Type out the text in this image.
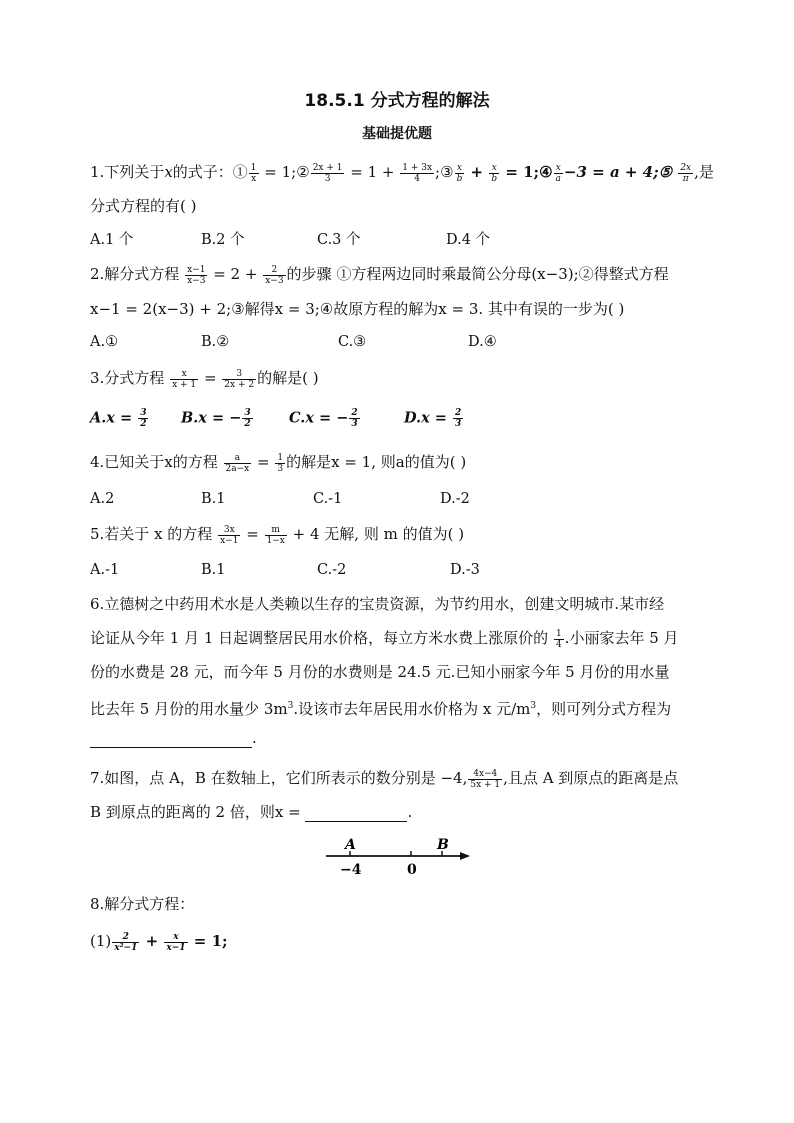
18.5.1 分式方程的解法
基础提优题
1.下列关于x的式子：① $\frac{1}{x}$ = 1;② $\frac{2x + 1}{3} = 1 + \frac{1 + 3x}{4}$ ;③ $\frac{x}{b} + \frac{x}{b}$ = 1;④ $\frac{x}{a} -3 = a$ + 4;⑤ $\frac{2x}{\pi}$ ,是
分式方程的有( )
A.1 个	B.2 个	C.3 个	D.4 个
2.解分式方程 $\frac{x-1}{x-3} = 2 + \frac{2}{x-3}$ 的步骤 ①方程两边同时乘最简公分母(x−3);②得整式方程
x−1 = 2(x−3) + 2;③解得x = 3;④故原方程的解为x = 3. 其中有误的一步为( )
A.①	B.②	C.③	D.④
3.分式方程 $\frac{x}{x + 1} = \frac{3}{2x + 2}$ 的解是( )
$A.x = \frac{3}{2} B.x$ = − $\frac{3}{2}$	C.x = − $\frac{2}{3}$	$D.x = \frac{2}{3}$
4.已知关于x的方程 $\frac{a}{2a-x} = \frac{1}{3}$ 的解是x = 1, 则a的值为( )
A.2	B.1	C.-1	D.-2
5.若关于 x 的方程 $\frac{3x}{x-1} = \frac{m}{1-x} + 4$ 无解, 则 m 的值为( )
A.-1	B.1	C.-2	D.-3
6.立德树之中药用术水是人类赖以生存的宝贵资源，为节约用水，创建文明城市.某市经
论证从今年 1 月 1 日起调整居民用水价格，每立方米水费上涨原价的 $\frac{1}{4}$ .小丽家去年 5 月
份的水费是 28 元，而今年 5 月份的水费则是 24.5 元.已知小丽家今年 5 月份的用水量
比去年 5 月份的用水量少 $3m^3$.设该市去年居民用水价格为 x 元$/m^3$，则可列分式方程为
.
7.如图，点 A，B 在数轴上，它们所表示的数分别是 −4, $\frac{4x-4}{5x + 1}$ ,且点 A 到原点的距离是点
B 到原点的距离的 2 倍，则x =	.
A	B
−4	0
8.解分式方程：
$(1) \frac{2}{\text{x²−1}} + \frac{x}{x-1} = 1$;
